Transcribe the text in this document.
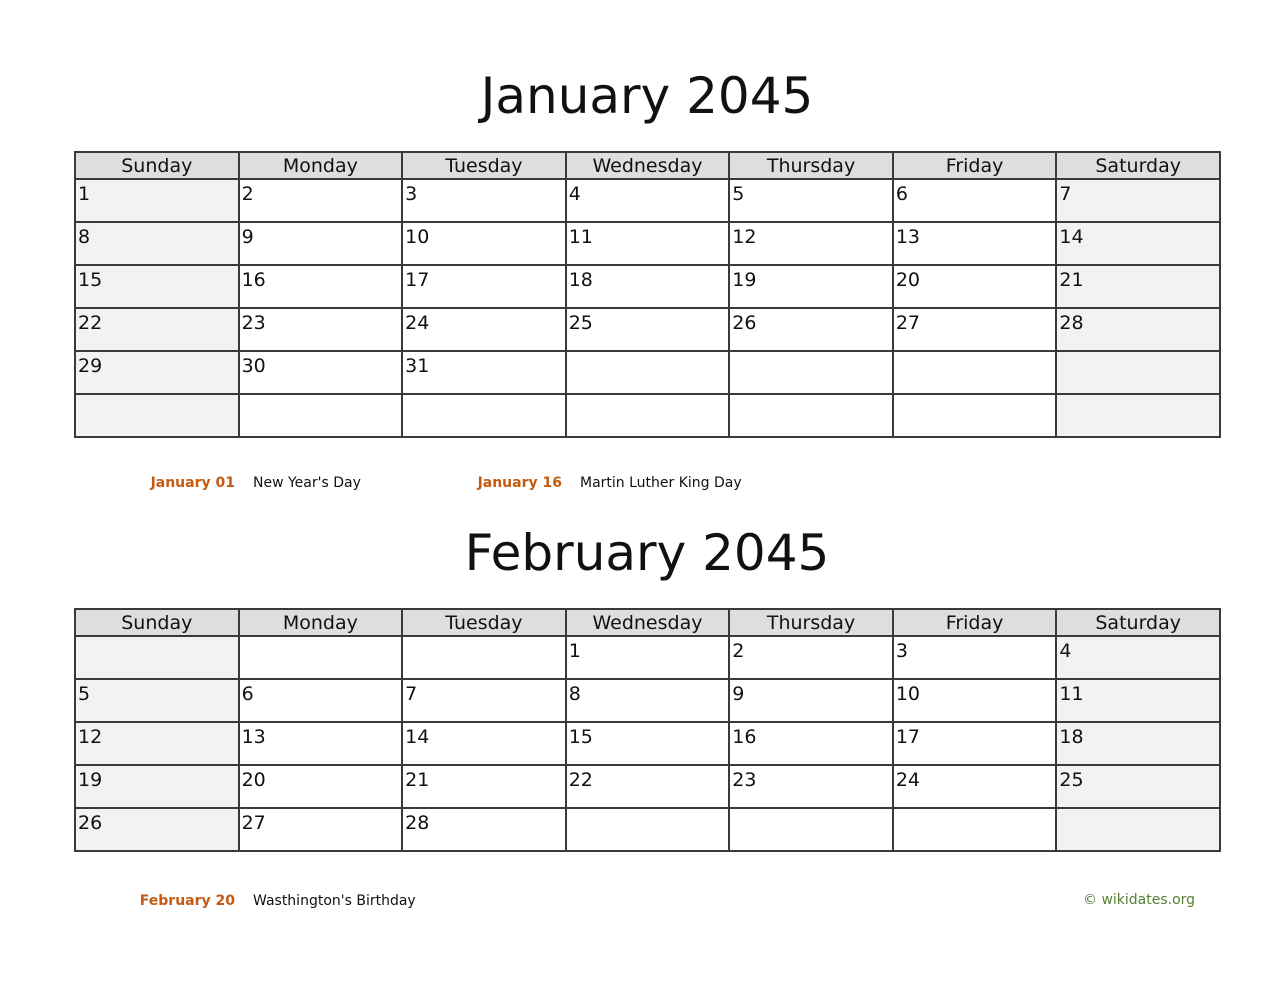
January 2045
Sunday	Monday	Tuesday	Wednesday	Thursday	Friday	Saturday
1	2	3	4	5	6	7
8	9	10	11	12	13	14
15	16	17	18	19	20	21
22	23	24	25	26	27	28
29	30	31				

January 01 New Year's Day	January 16 Martin Luther King Day
February 2045
Sunday	Monday	Tuesday	Wednesday	Thursday	Friday	Saturday
			1	2	3	4
5	6	7	8	9	10	11
12	13	14	15	16	17	18
19	20	21	22	23	24	25
26	27	28				
February 20 Wasthington's Birthday	© wikidates.org
